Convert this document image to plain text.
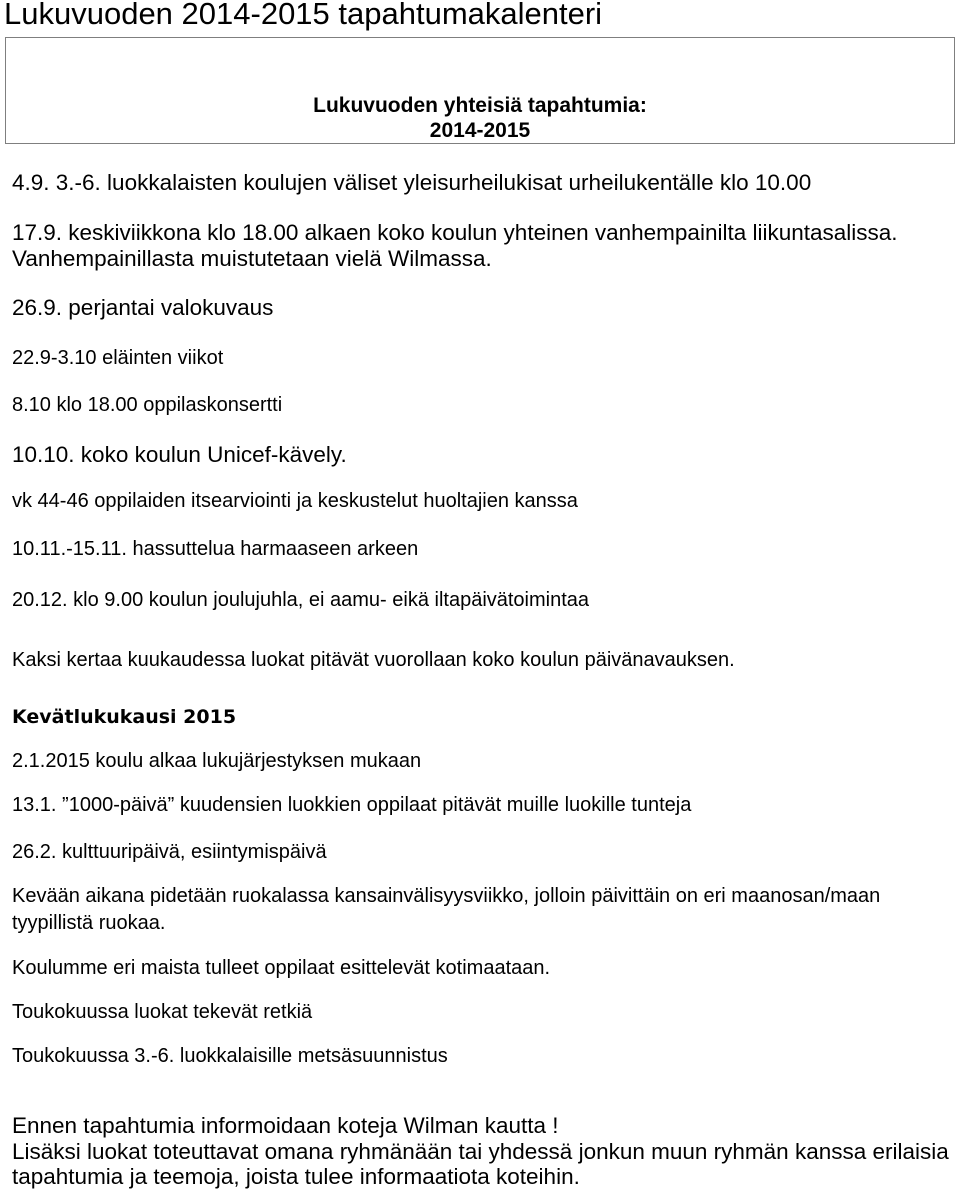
Lukuvuoden 2014-2015 tapahtumakalenteri
Lukuvuoden yhteisiä tapahtumia:
2014-2015
4.9. 3.-6. luokkalaisten koulujen väliset yleisurheilukisat urheilukentälle klo 10.00
17.9. keskiviikkona klo 18.00 alkaen koko koulun yhteinen vanhempainilta liikuntasalissa.
Vanhempainillasta muistutetaan vielä Wilmassa.
26.9. perjantai valokuvaus
22.9-3.10 eläinten viikot
8.10 klo 18.00 oppilaskonsertti
10.10. koko koulun Unicef-kävely.
vk 44-46 oppilaiden itsearviointi ja keskustelut huoltajien kanssa
10.11.-15.11. hassuttelua harmaaseen arkeen
20.12. klo 9.00 koulun joulujuhla, ei aamu- eikä iltapäivätoimintaa
Kaksi kertaa kuukaudessa luokat pitävät vuorollaan koko koulun päivänavauksen.
Kevätlukukausi 2015
2.1.2015 koulu alkaa lukujärjestyksen mukaan
13.1. ”1000-päivä” kuudensien luokkien oppilaat pitävät muille luokille tunteja
26.2. kulttuuripäivä, esiintymispäivä
Kevään aikana pidetään ruokalassa kansainvälisyysviikko, jolloin päivittäin on eri maanosan/maan
tyypillistä ruokaa.
Koulumme eri maista tulleet oppilaat esittelevät kotimaataan.
Toukokuussa luokat tekevät retkiä
Toukokuussa 3.-6. luokkalaisille metsäsuunnistus
Ennen tapahtumia informoidaan koteja Wilman kautta !
Lisäksi luokat toteuttavat omana ryhmänään tai yhdessä jonkun muun ryhmän kanssa erilaisia
tapahtumia ja teemoja, joista tulee informaatiota koteihin.
